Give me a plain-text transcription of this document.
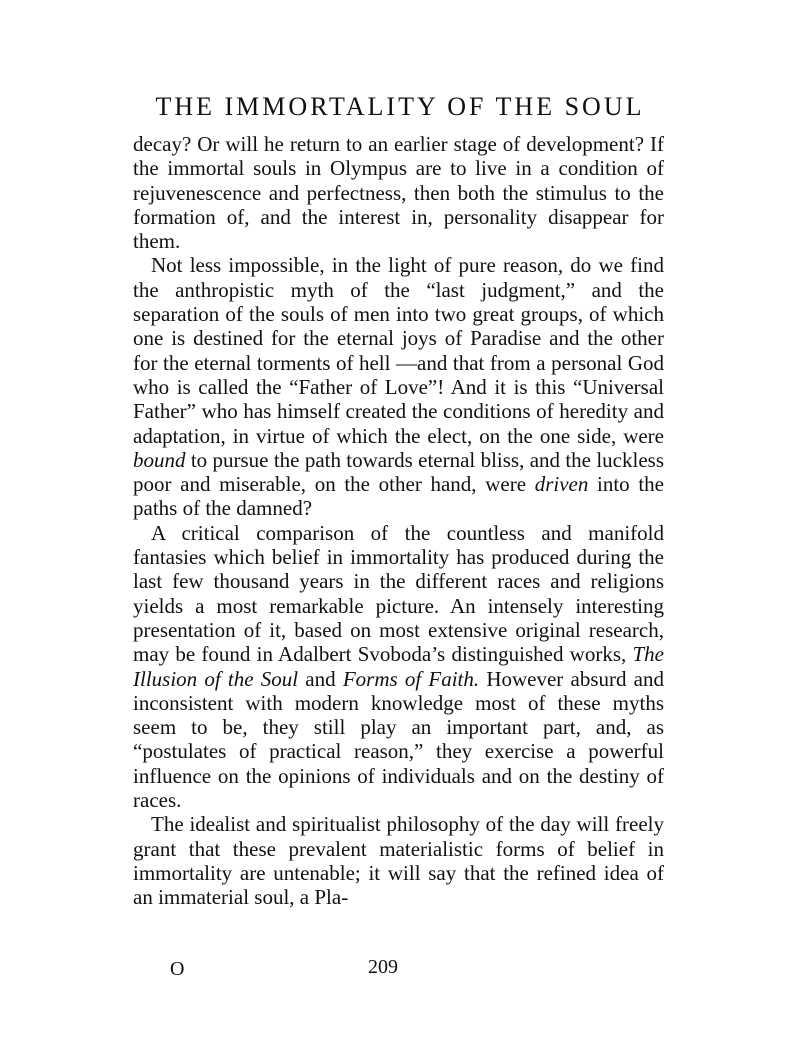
THE IMMORTALITY OF THE SOUL

decay? Or will he return to an earlier stage of development? If the immortal souls in Olympus are to live in a condition of rejuvenescence and perfectness, then both the stimulus to the formation of, and the interest in, personality disappear for them.

Not less impossible, in the light of pure reason, do we find the anthropistic myth of the “last judgment,” and the separation of the souls of men into two great groups, of which one is destined for the eternal joys of Paradise and the other for the eternal torments of hell —and that from a personal God who is called the “Father of Love”! And it is this “Universal Father” who has himself created the conditions of heredity and adaptation, in virtue of which the elect, on the one side, were bound to pursue the path towards eternal bliss, and the luckless poor and miserable, on the other hand, were driven into the paths of the damned?

A critical comparison of the countless and manifold fantasies which belief in immortality has produced during the last few thousand years in the different races and religions yields a most remarkable picture. An intensely interesting presentation of it, based on most extensive original research, may be found in Adalbert Svoboda’s distinguished works, The Illusion of the Soul and Forms of Faith. However absurd and inconsistent with modern knowledge most of these myths seem to be, they still play an important part, and, as “postulates of practical reason,” they exercise a powerful influence on the opinions of individuals and on the destiny of races.

The idealist and spiritualist philosophy of the day will freely grant that these prevalent materialistic forms of belief in immortality are untenable; it will say that the refined idea of an immaterial soul, a Pla-

O	209
